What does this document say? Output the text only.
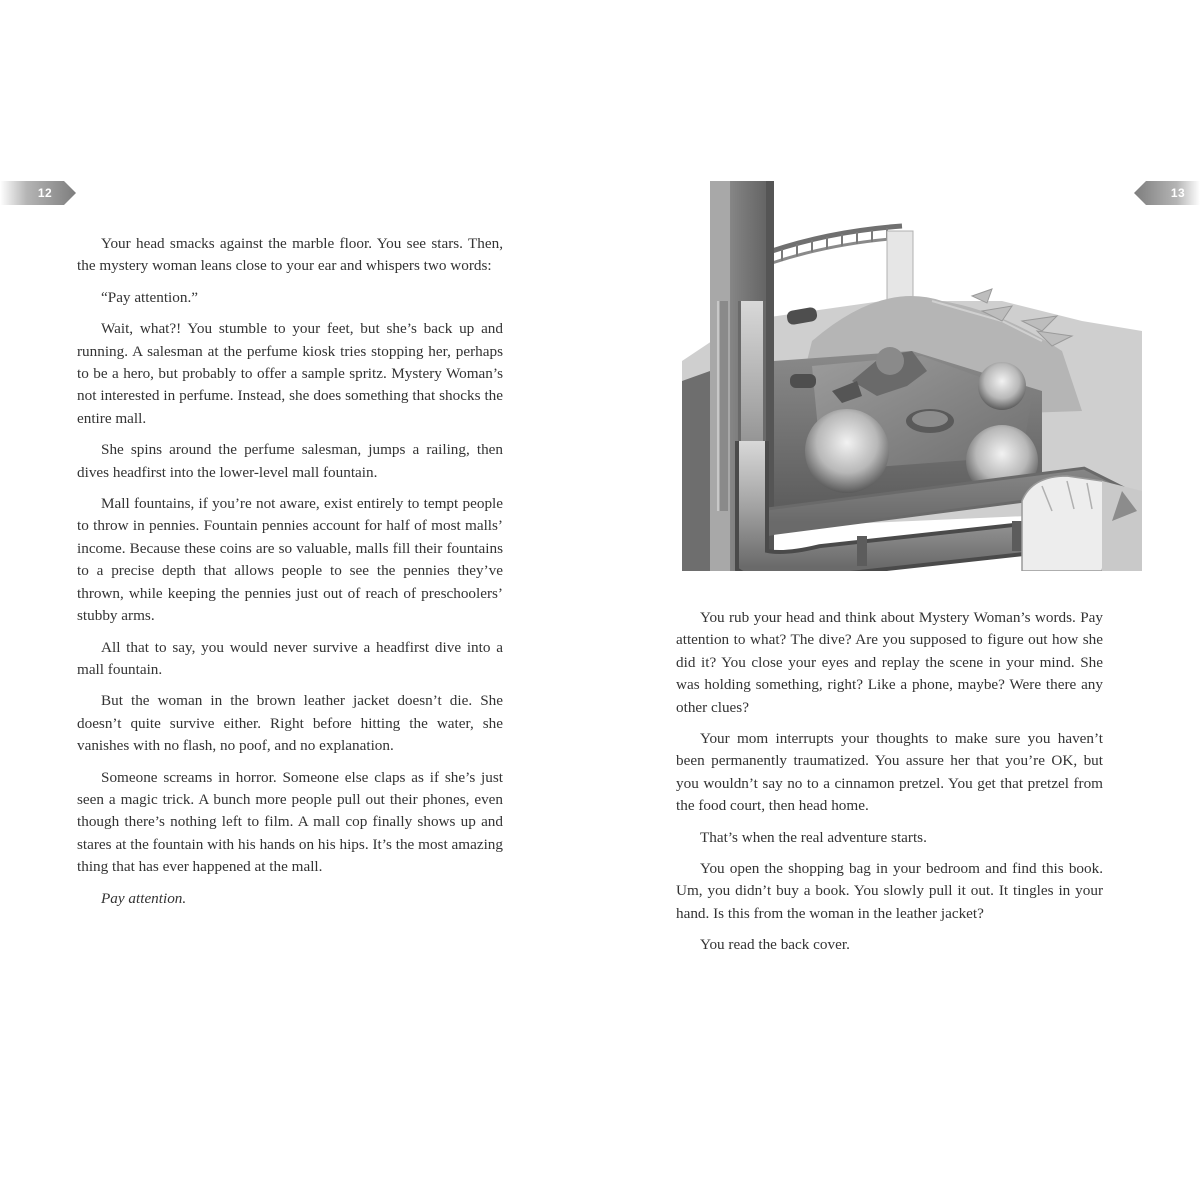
12

Your head smacks against the marble floor. You see stars. Then, the mystery woman leans close to your ear and whispers two words:

“Pay attention.”

Wait, what?! You stumble to your feet, but she’s back up and running. A salesman at the perfume kiosk tries stopping her, perhaps to be a hero, but probably to offer a sample spritz. Mystery Woman’s not interested in perfume. Instead, she does something that shocks the entire mall.

She spins around the perfume salesman, jumps a railing, then dives headfirst into the lower-level mall fountain.

Mall fountains, if you’re not aware, exist entirely to tempt people to throw in pennies. Fountain pennies account for half of most malls’ income. Because these coins are so valuable, malls fill their fountains to a precise depth that allows people to see the pennies they’ve thrown, while keeping the pennies just out of reach of preschoolers’ stubby arms.

All that to say, you would never survive a headfirst dive into a mall fountain.

But the woman in the brown leather jacket doesn’t die. She doesn’t quite survive either. Right before hitting the water, she vanishes with no flash, no poof, and no explanation.

Someone screams in horror. Someone else claps as if she’s just seen a magic trick. A bunch more people pull out their phones, even though there’s nothing left to film. A mall cop finally shows up and stares at the fountain with his hands on his hips. It’s the most amazing thing that has ever happened at the mall.

Pay attention.

13

You rub your head and think about Mystery Woman’s words. Pay attention to what? The dive? Are you supposed to figure out how she did it? You close your eyes and replay the scene in your mind. She was holding something, right? Like a phone, maybe? Were there any other clues?

Your mom interrupts your thoughts to make sure you haven’t been permanently traumatized. You assure her that you’re OK, but you wouldn’t say no to a cinnamon pretzel. You get that pretzel from the food court, then head home.

That’s when the real adventure starts.

You open the shopping bag in your bedroom and find this book. Um, you didn’t buy a book. You slowly pull it out. It tingles in your hand. Is this from the woman in the leather jacket?

You read the back cover.
